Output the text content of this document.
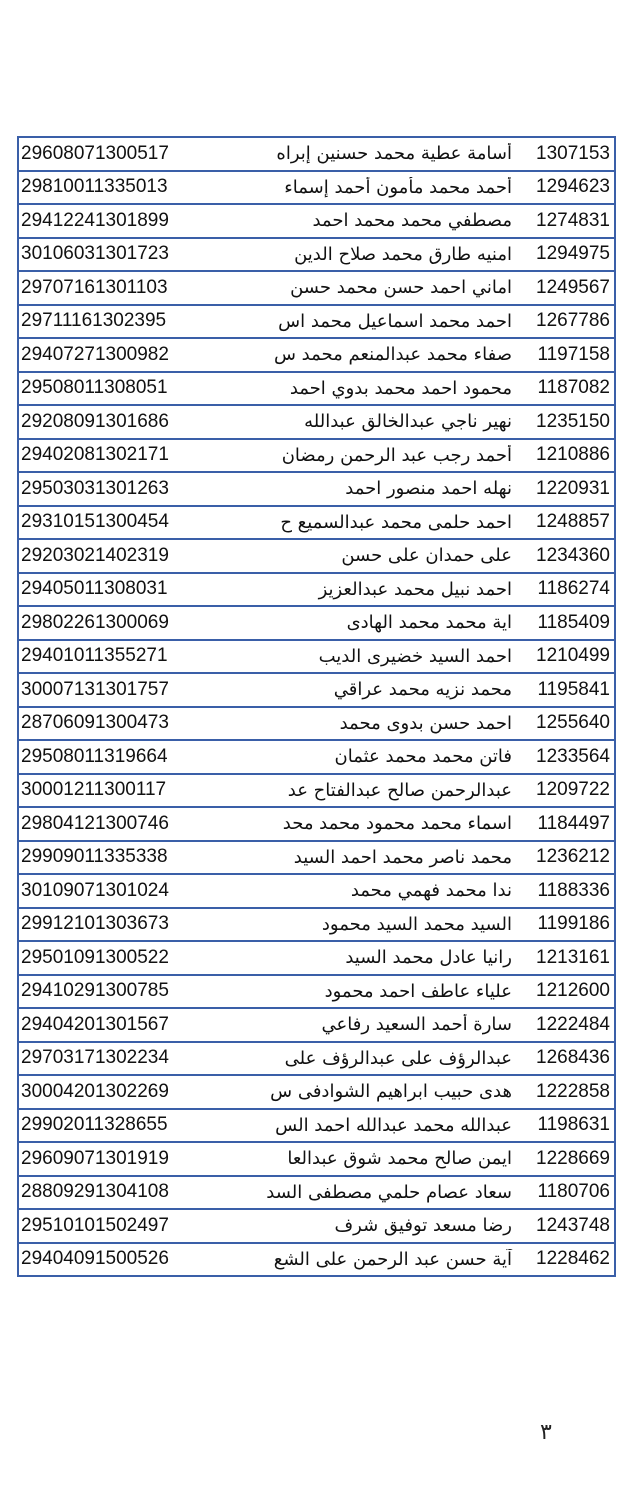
29608071300517	أسامة عطية محمد حسنين إبراه	1307153
29810011335013	أحمد محمد مأمون أحمد إسماء	1294623
29412241301899	مصطفي محمد محمد احمد	1274831
30106031301723	امنيه طارق محمد صلاح الدين	1294975
29707161301103	اماني احمد حسن محمد حسن	1249567
29711161302395	احمد محمد اسماعيل محمد اس	1267786
29407271300982	صفاء محمد عبدالمنعم محمد س	1197158
29508011308051	محمود احمد محمد بدوي احمد	1187082
29208091301686	نهير ناجي عبدالخالق عبدالله	1235150
29402081302171	أحمد رجب عبد الرحمن رمضان	1210886
29503031301263	نهله احمد منصور احمد	1220931
29310151300454	احمد حلمى محمد عبدالسميع ح	1248857
29203021402319	على حمدان على حسن	1234360
29405011308031	احمد نبيل محمد عبدالعزيز	1186274
29802261300069	اية محمد محمد الهادى	1185409
29401011355271	احمد السيد خضيرى الديب	1210499
30007131301757	محمد نزيه محمد عراقي	1195841
28706091300473	احمد حسن بدوى محمد	1255640
29508011319664	فاتن محمد محمد عثمان	1233564
30001211300117	عبدالرحمن صالح عبدالفتاح عد	1209722
29804121300746	اسماء محمد محمود محمد محد	1184497
29909011335338	محمد ناصر محمد احمد السيد	1236212
30109071301024	ندا محمد فهمي محمد	1188336
29912101303673	السيد محمد السيد محمود	1199186
29501091300522	رانيا عادل محمد السيد	1213161
29410291300785	علياء عاطف احمد محمود	1212600
29404201301567	سارة أحمد السعيد رفاعي	1222484
29703171302234	عبدالرؤف على عبدالرؤف على	1268436
30004201302269	هدى حبيب ابراهيم الشوادفى س	1222858
29902011328655	عبدالله محمد عبدالله احمد الس	1198631
29609071301919	ايمن صالح محمد شوق عبدالعا	1228669
28809291304108	سعاد عصام حلمي مصطفى السد	1180706
29510101502497	رضا مسعد توفيق شرف	1243748
29404091500526	آية حسن عبد الرحمن على الشع	1228462
٣
